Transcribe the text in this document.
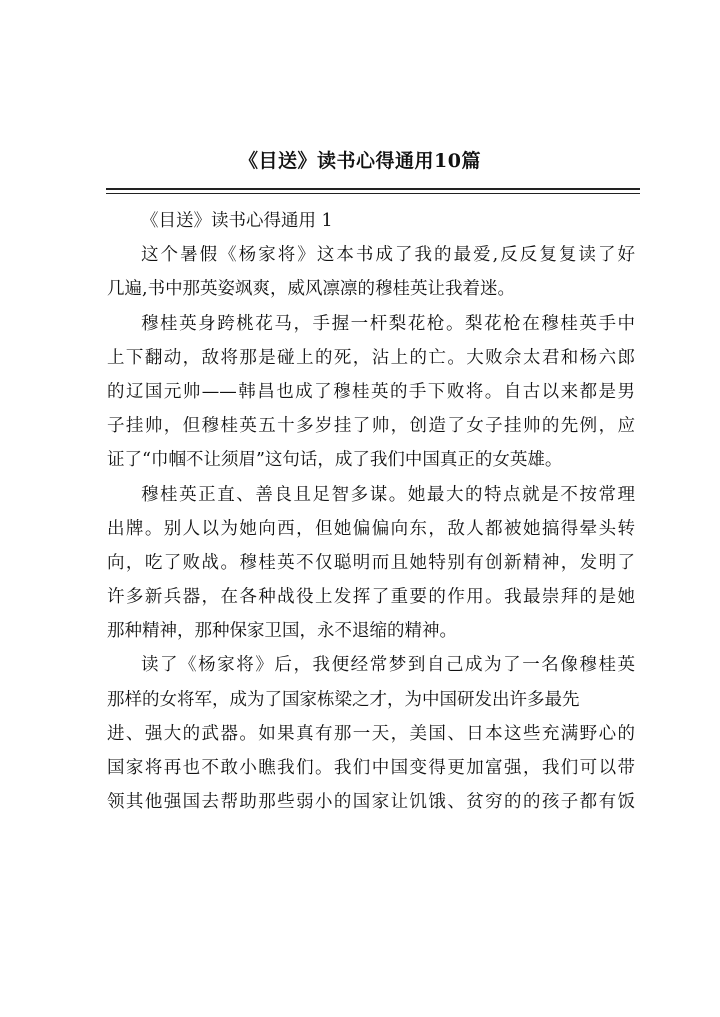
《目送》读书心得通用10篇
《目送》读书心得通用 1
这个暑假《杨家将》这本书成了我的最爱,反反复复读了好
几遍,书中那英姿飒爽，威风凛凛的穆桂英让我着迷。
穆桂英身跨桃花马，手握一杆梨花枪。梨花枪在穆桂英手中
上下翻动，敌将那是碰上的死，沾上的亡。大败佘太君和杨六郎
的辽国元帅——韩昌也成了穆桂英的手下败将。自古以来都是男
子挂帅，但穆桂英五十多岁挂了帅，创造了女子挂帅的先例，应
证了“巾帼不让须眉”这句话，成了我们中国真正的女英雄。
穆桂英正直、善良且足智多谋。她最大的特点就是不按常理
出牌。别人以为她向西，但她偏偏向东，敌人都被她搞得晕头转
向，吃了败战。穆桂英不仅聪明而且她特别有创新精神，发明了
许多新兵器，在各种战役上发挥了重要的作用。我最崇拜的是她
那种精神，那种保家卫国，永不退缩的精神。
读了《杨家将》后，我便经常梦到自己成为了一名像穆桂英
那样的女将军，成为了国家栋梁之才，为中国研发出许多最先
进、强大的武器。如果真有那一天，美国、日本这些充满野心的
国家将再也不敢小瞧我们。我们中国变得更加富强，我们可以带
领其他强国去帮助那些弱小的国家让饥饿、贫穷的的孩子都有饭
